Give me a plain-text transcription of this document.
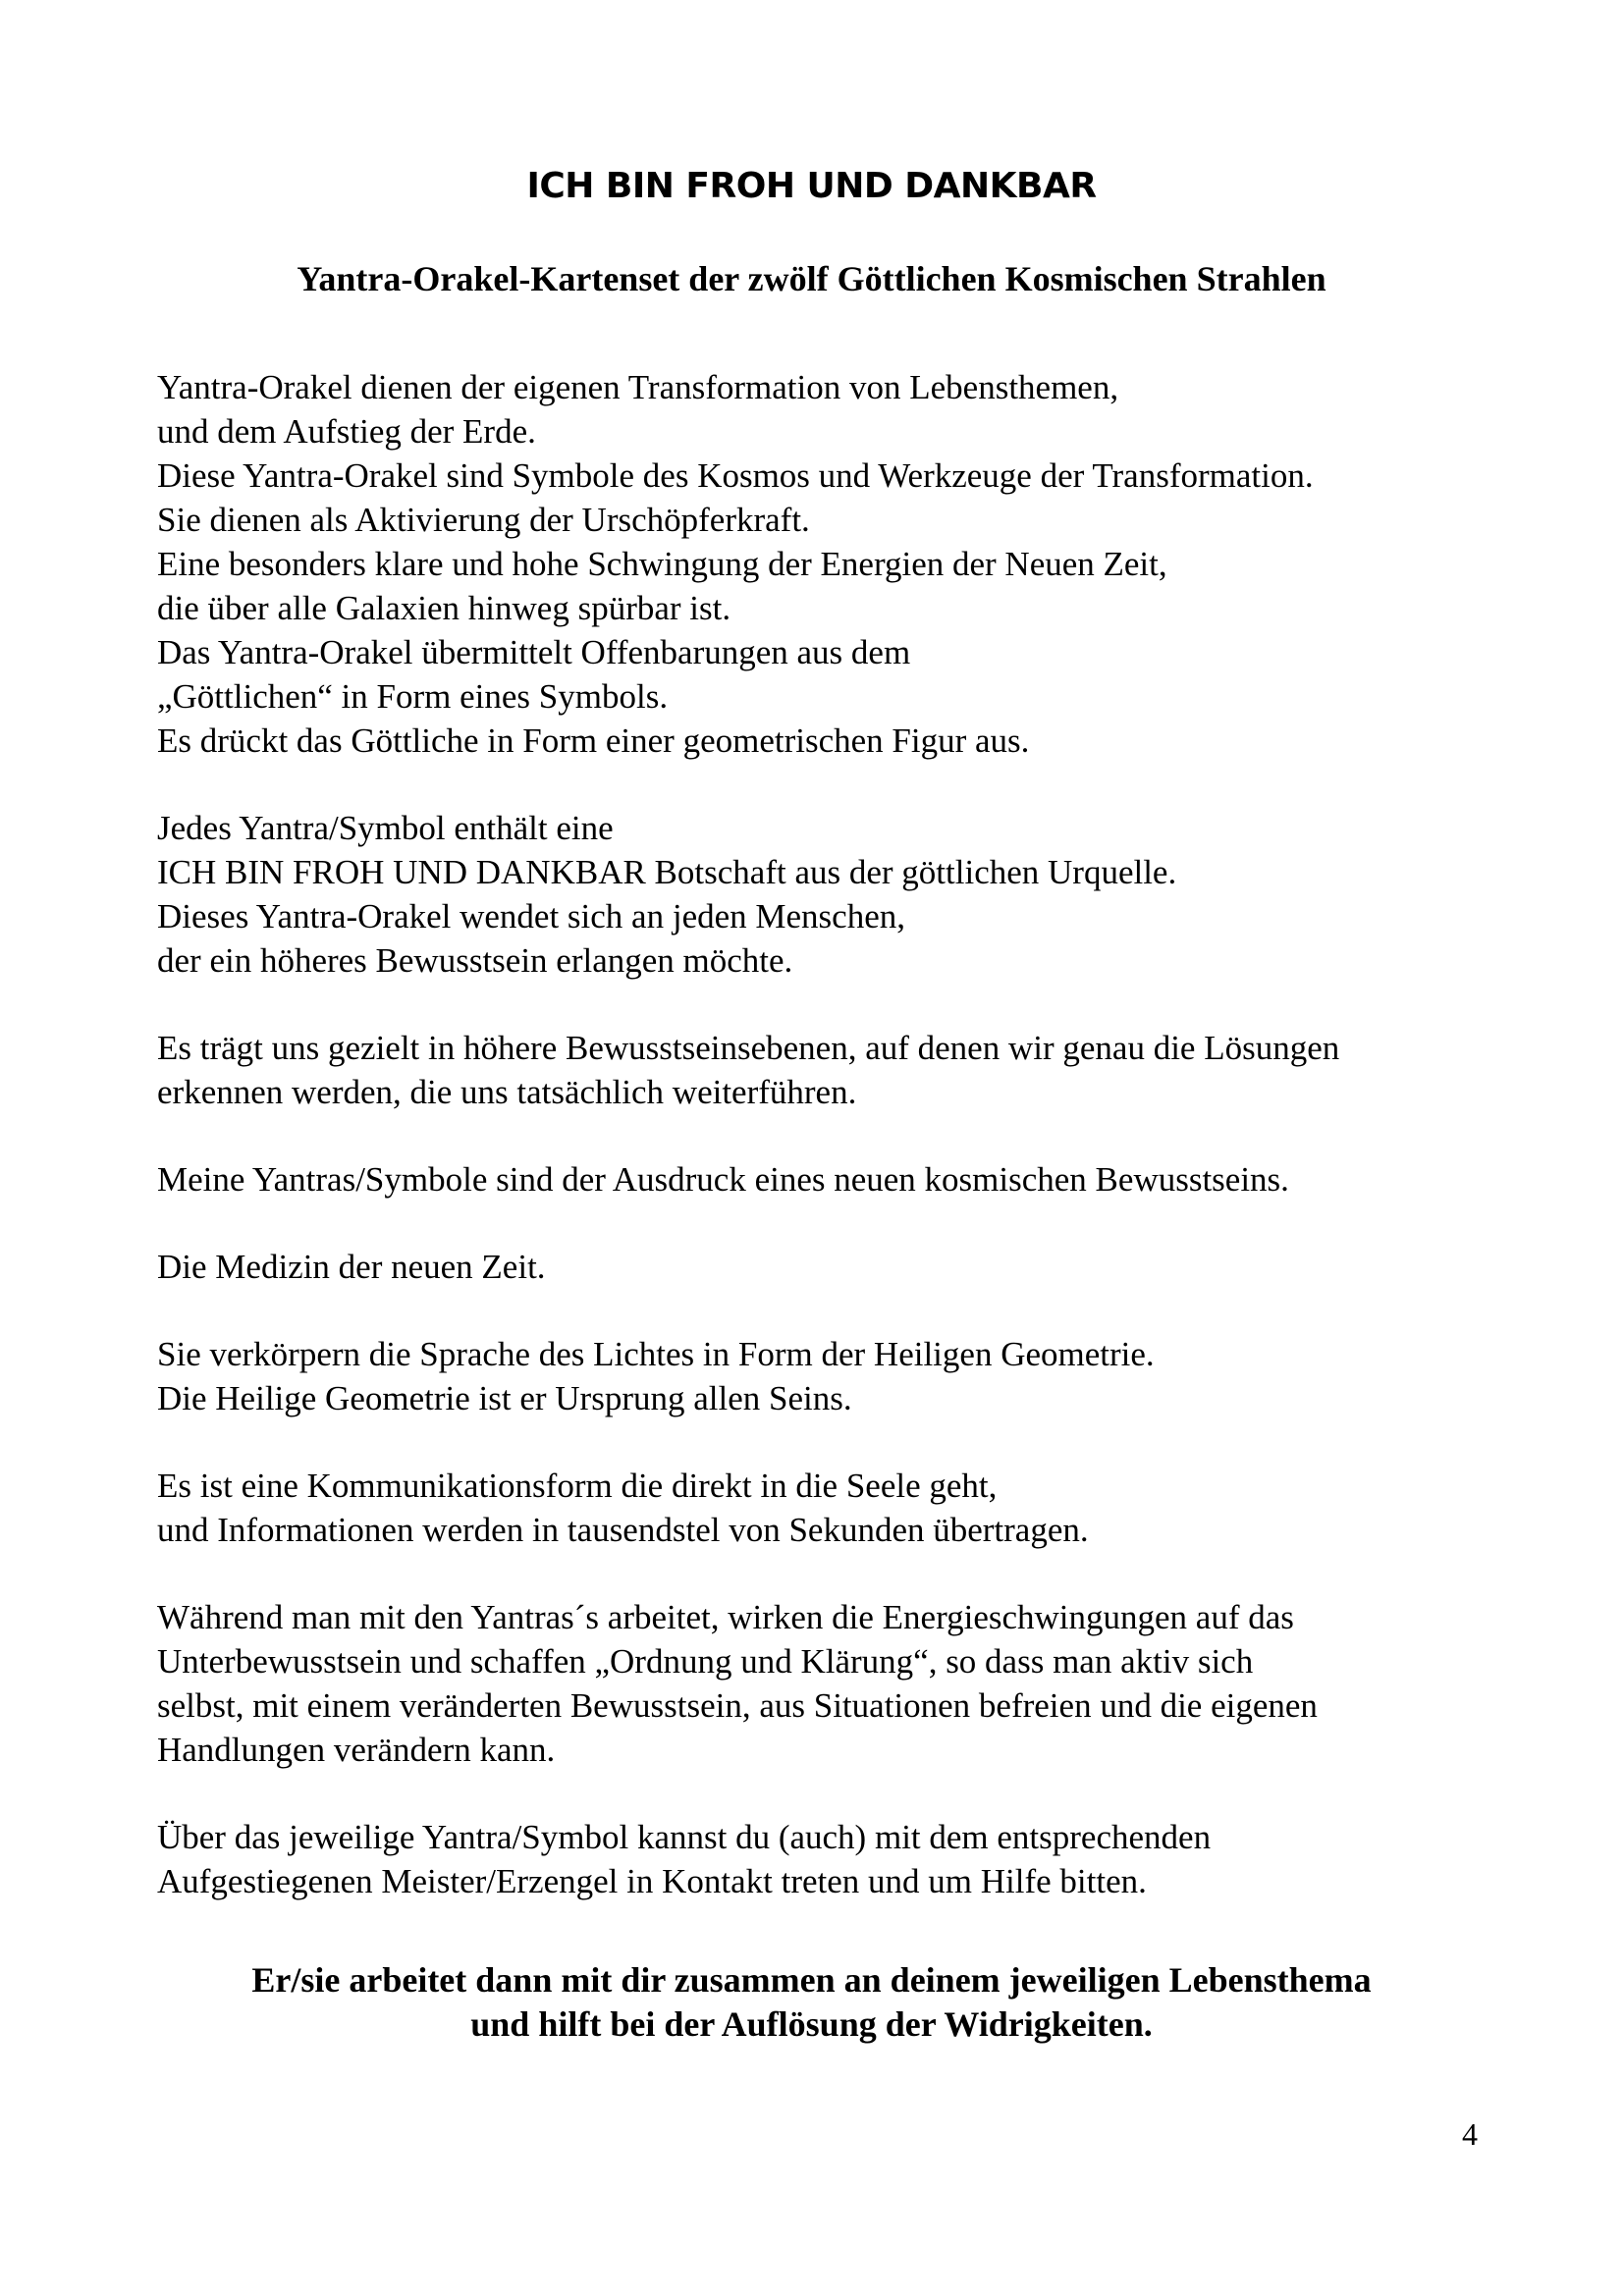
ICH BIN FROH UND DANKBAR
Yantra-Orakel-Kartenset der zwölf Göttlichen Kosmischen Strahlen

Yantra-Orakel dienen der eigenen Transformation von Lebensthemen,
und dem Aufstieg der Erde.
Diese Yantra-Orakel sind Symbole des Kosmos und Werkzeuge der Transformation.
Sie dienen als Aktivierung der Urschöpferkraft.
Eine besonders klare und hohe Schwingung der Energien der Neuen Zeit,
die über alle Galaxien hinweg spürbar ist.
Das Yantra-Orakel übermittelt Offenbarungen aus dem
„Göttlichen“ in Form eines Symbols.
Es drückt das Göttliche in Form einer geometrischen Figur aus.

Jedes Yantra/Symbol enthält eine
ICH BIN FROH UND DANKBAR Botschaft aus der göttlichen Urquelle.
Dieses Yantra-Orakel wendet sich an jeden Menschen,
der ein höheres Bewusstsein erlangen möchte.

Es trägt uns gezielt in höhere Bewusstseinsebenen, auf denen wir genau die Lösungen
erkennen werden, die uns tatsächlich weiterführen.

Meine Yantras/Symbole sind der Ausdruck eines neuen kosmischen Bewusstseins.

Die Medizin der neuen Zeit.

Sie verkörpern die Sprache des Lichtes in Form der Heiligen Geometrie.
Die Heilige Geometrie ist er Ursprung allen Seins.

Es ist eine Kommunikationsform die direkt in die Seele geht,
und Informationen werden in tausendstel von Sekunden übertragen.

Während man mit den Yantras´s arbeitet, wirken die Energieschwingungen auf das
Unterbewusstsein und schaffen „Ordnung und Klärung“, so dass man aktiv sich
selbst, mit einem veränderten Bewusstsein, aus Situationen befreien und die eigenen
Handlungen verändern kann.

Über das jeweilige Yantra/Symbol kannst du (auch) mit dem entsprechenden
Aufgestiegenen Meister/Erzengel in Kontakt treten und um Hilfe bitten.

Er/sie arbeitet dann mit dir zusammen an deinem jeweiligen Lebensthema
und hilft bei der Auflösung der Widrigkeiten.
4
